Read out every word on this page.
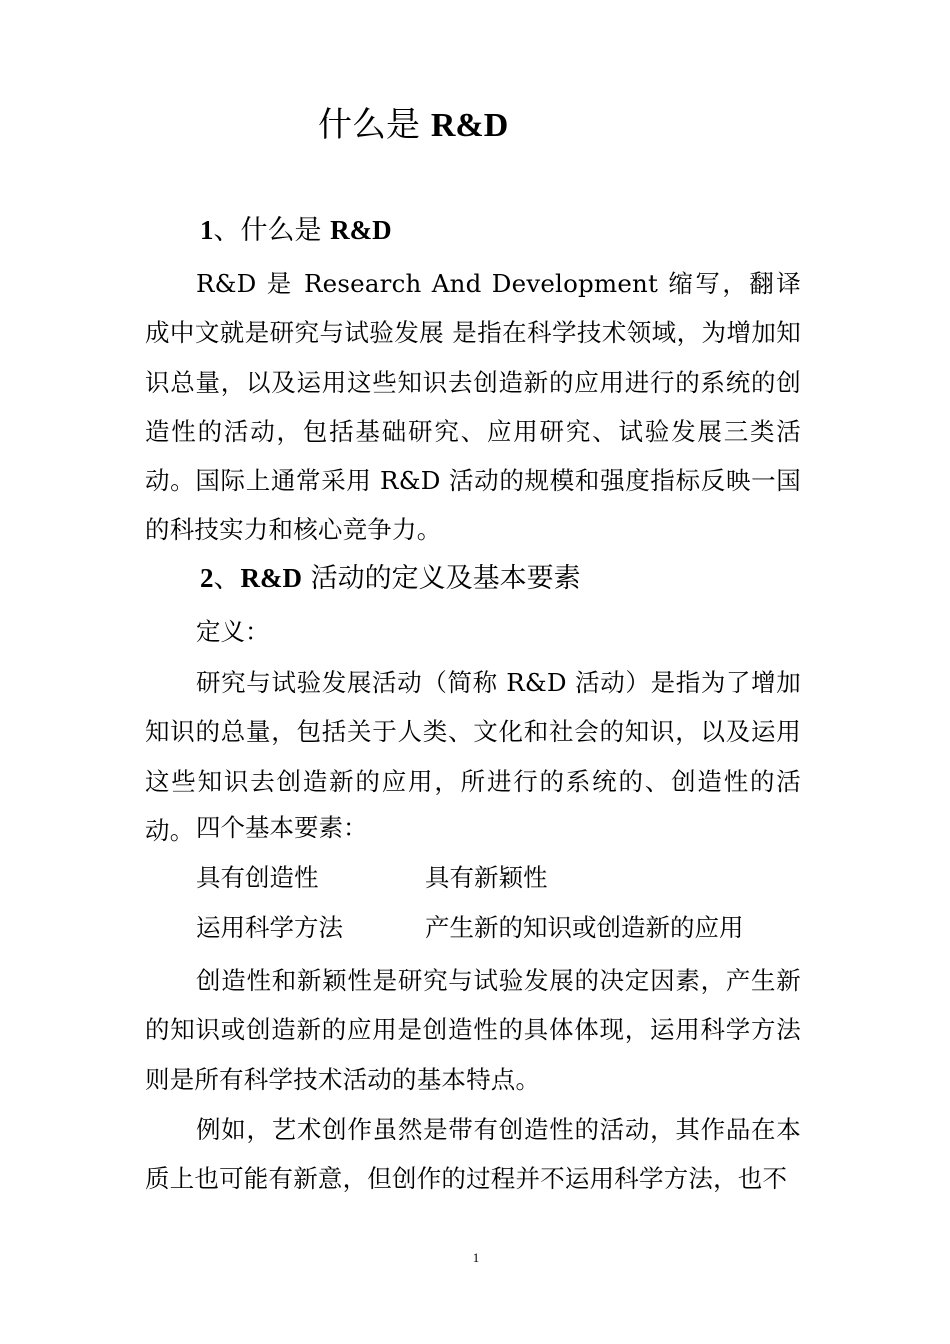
什么是 R&D
1、什么是 R&D

R&D 是 Research And Development 缩写，翻译成中文就是研究与试验发展 是指在科学技术领域，为增加知识总量，以及运用这些知识去创造新的应用进行的系统的创造性的活动，包括基础研究、应用研究、试验发展三类活动。国际上通常采用 R&D 活动的规模和强度指标反映一国的科技实力和核心竞争力。

2、R&D 活动的定义及基本要素
定义：

研究与试验发展活动（简称 R&D 活动）是指为了增加知识的总量，包括关于人类、文化和社会的知识，以及运用这些知识去创造新的应用，所进行的系统的、创造性的活动。 四个基本要素：
具有创造性	具有新颖性
运用科学方法	产生新的知识或创造新的应用

创造性和新颖性是研究与试验发展的决定因素，产生新的知识或创造新的应用是创造性的具体体现，运用科学方法则是所有科学技术活动的基本特点。

例如，艺术创作虽然是带有创造性的活动，其作品在本质上也可能有新意，但创作的过程并不运用科学方法，也不

1
